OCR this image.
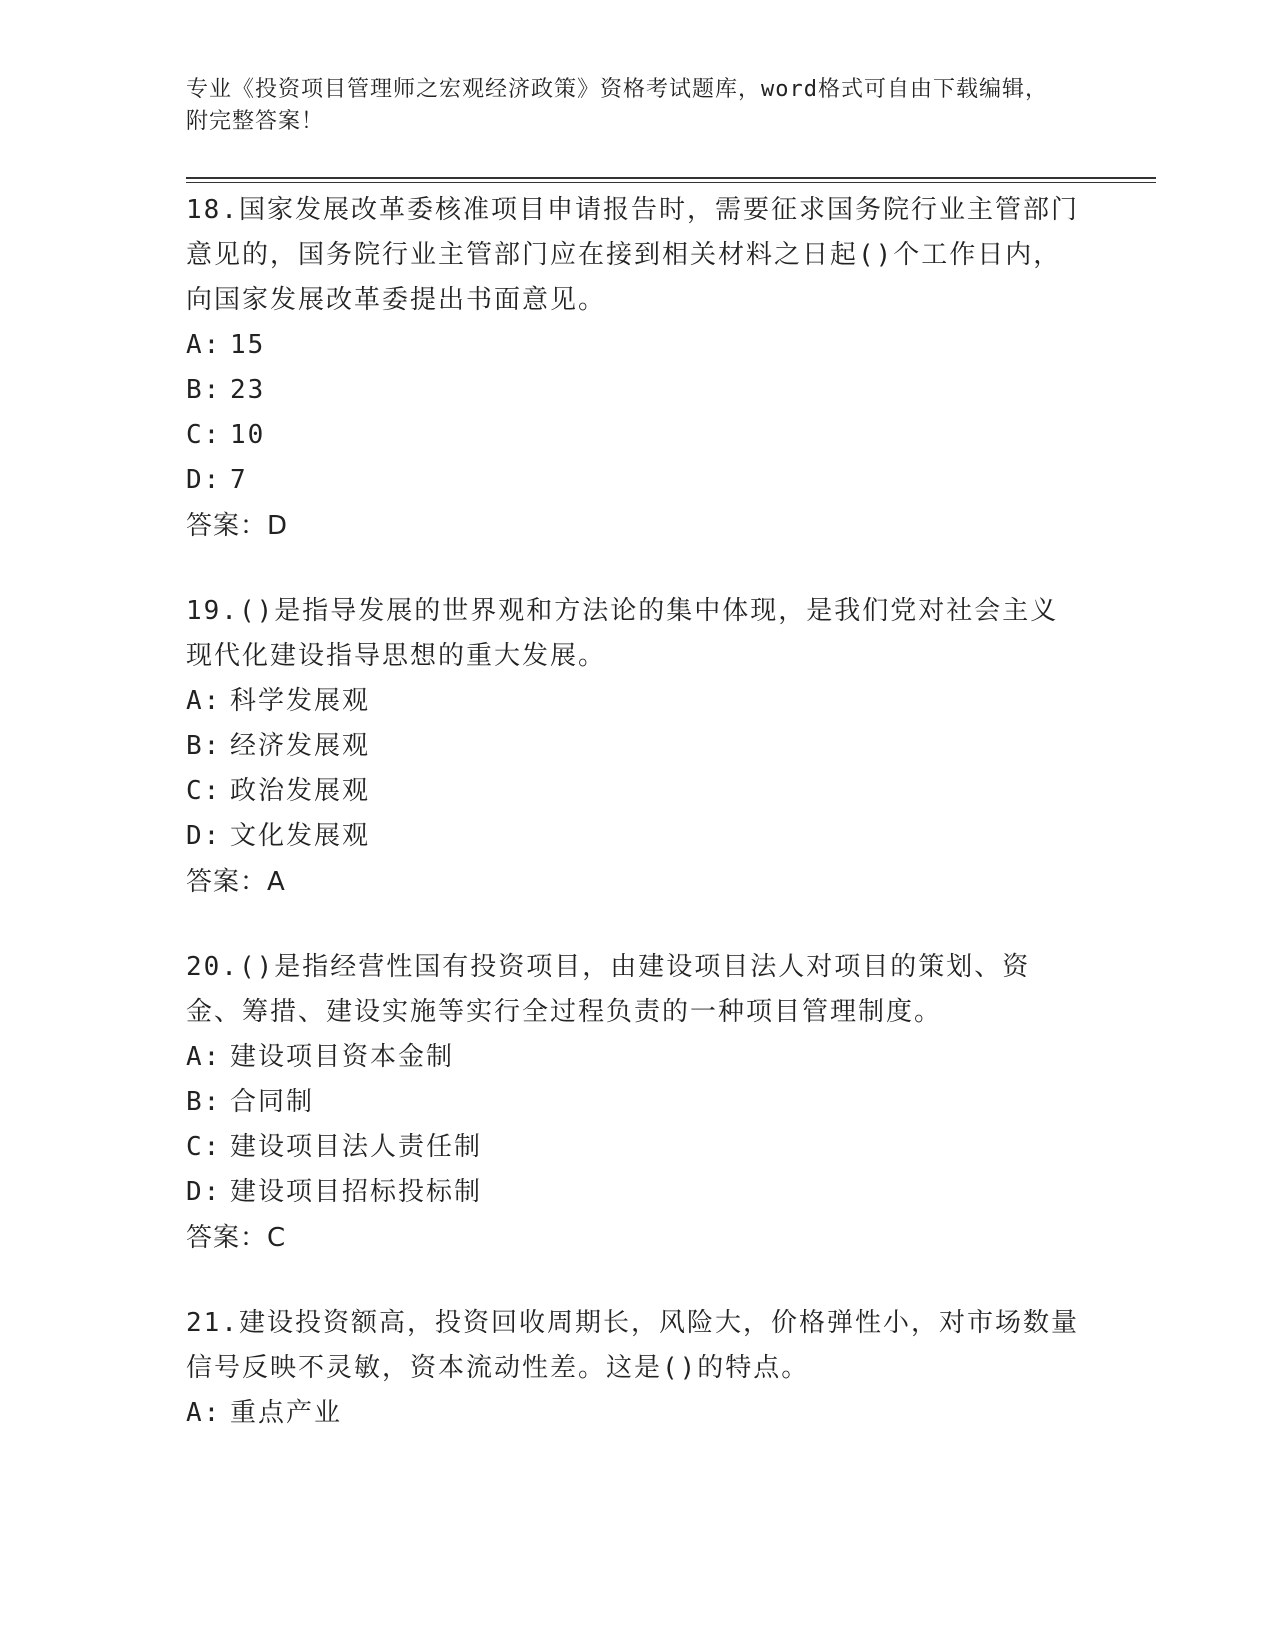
专业《投资项目管理师之宏观经济政策》资格考试题库，word格式可自由下载编辑，附完整答案！

18.国家发展改革委核准项目申请报告时，需要征求国务院行业主管部门意见的，国务院行业主管部门应在接到相关材料之日起()个工作日内，向国家发展改革委提出书面意见。

A: 15
B: 23
C: 10
D: 7
答案：D

19.()是指导发展的世界观和方法论的集中体现，是我们党对社会主义现代化建设指导思想的重大发展。

A: 科学发展观
B: 经济发展观
C: 政治发展观
D: 文化发展观
答案：A

20.()是指经营性国有投资项目，由建设项目法人对项目的策划、资金、筹措、建设实施等实行全过程负责的一种项目管理制度。

A: 建设项目资本金制
B: 合同制
C: 建设项目法人责任制
D: 建设项目招标投标制
答案：C

21.建设投资额高，投资回收周期长，风险大，价格弹性小，对市场数量信号反映不灵敏，资本流动性差。这是()的特点。

A: 重点产业
